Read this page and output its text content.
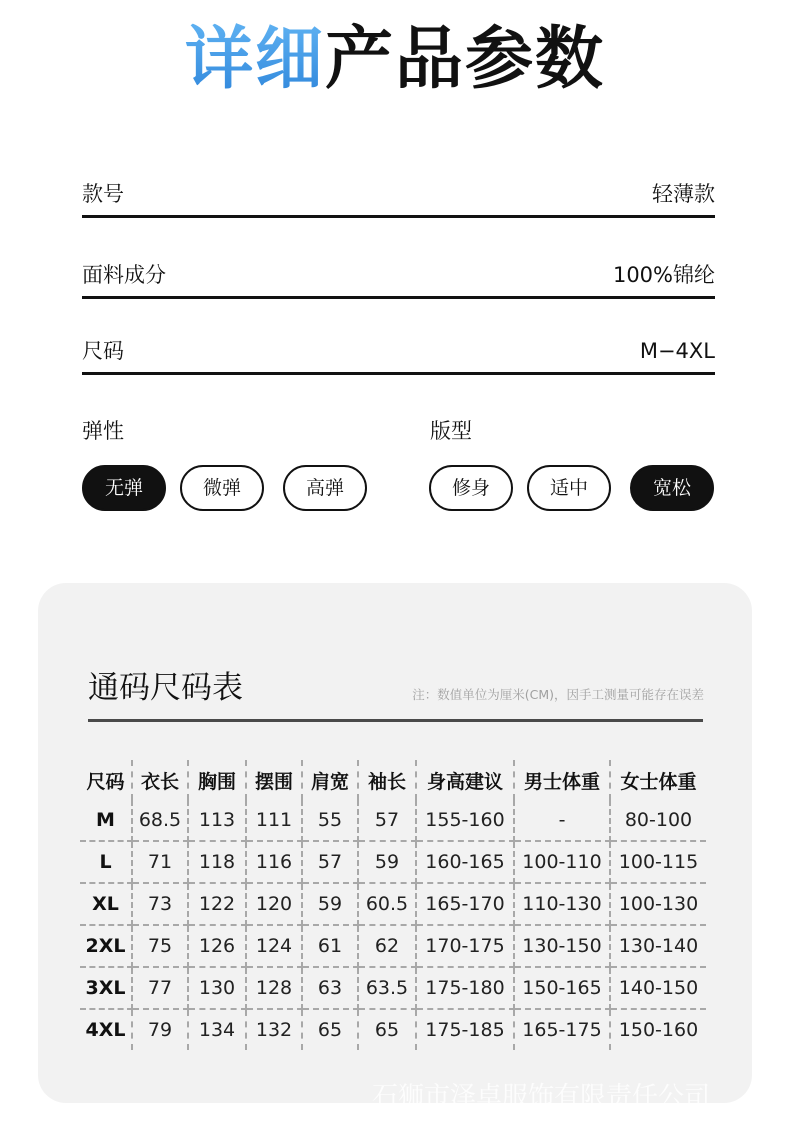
详细产品参数
款号	轻薄款
面料成分	100%锦纶
尺码	M−4XL
弹性
无弹	微弹	高弹
版型
修身	适中	宽松
通码尺码表	注：数值单位为厘米(CM)，因手工测量可能存在误差
尺码	衣长	胸围	摆围	肩宽	袖长	身高建议	男士体重	女士体重
M	68.5	113	111	55	57	155-160	-	80-100
L	71	118	116	57	59	160-165	100-110	100-115
XL	73	122	120	59	60.5	165-170	110-130	100-130
2XL	75	126	124	61	62	170-175	130-150	130-140
3XL	77	130	128	63	63.5	175-180	150-165	140-150
4XL	79	134	132	65	65	175-185	165-175	150-160
石狮市泽卓服饰有限责任公司
